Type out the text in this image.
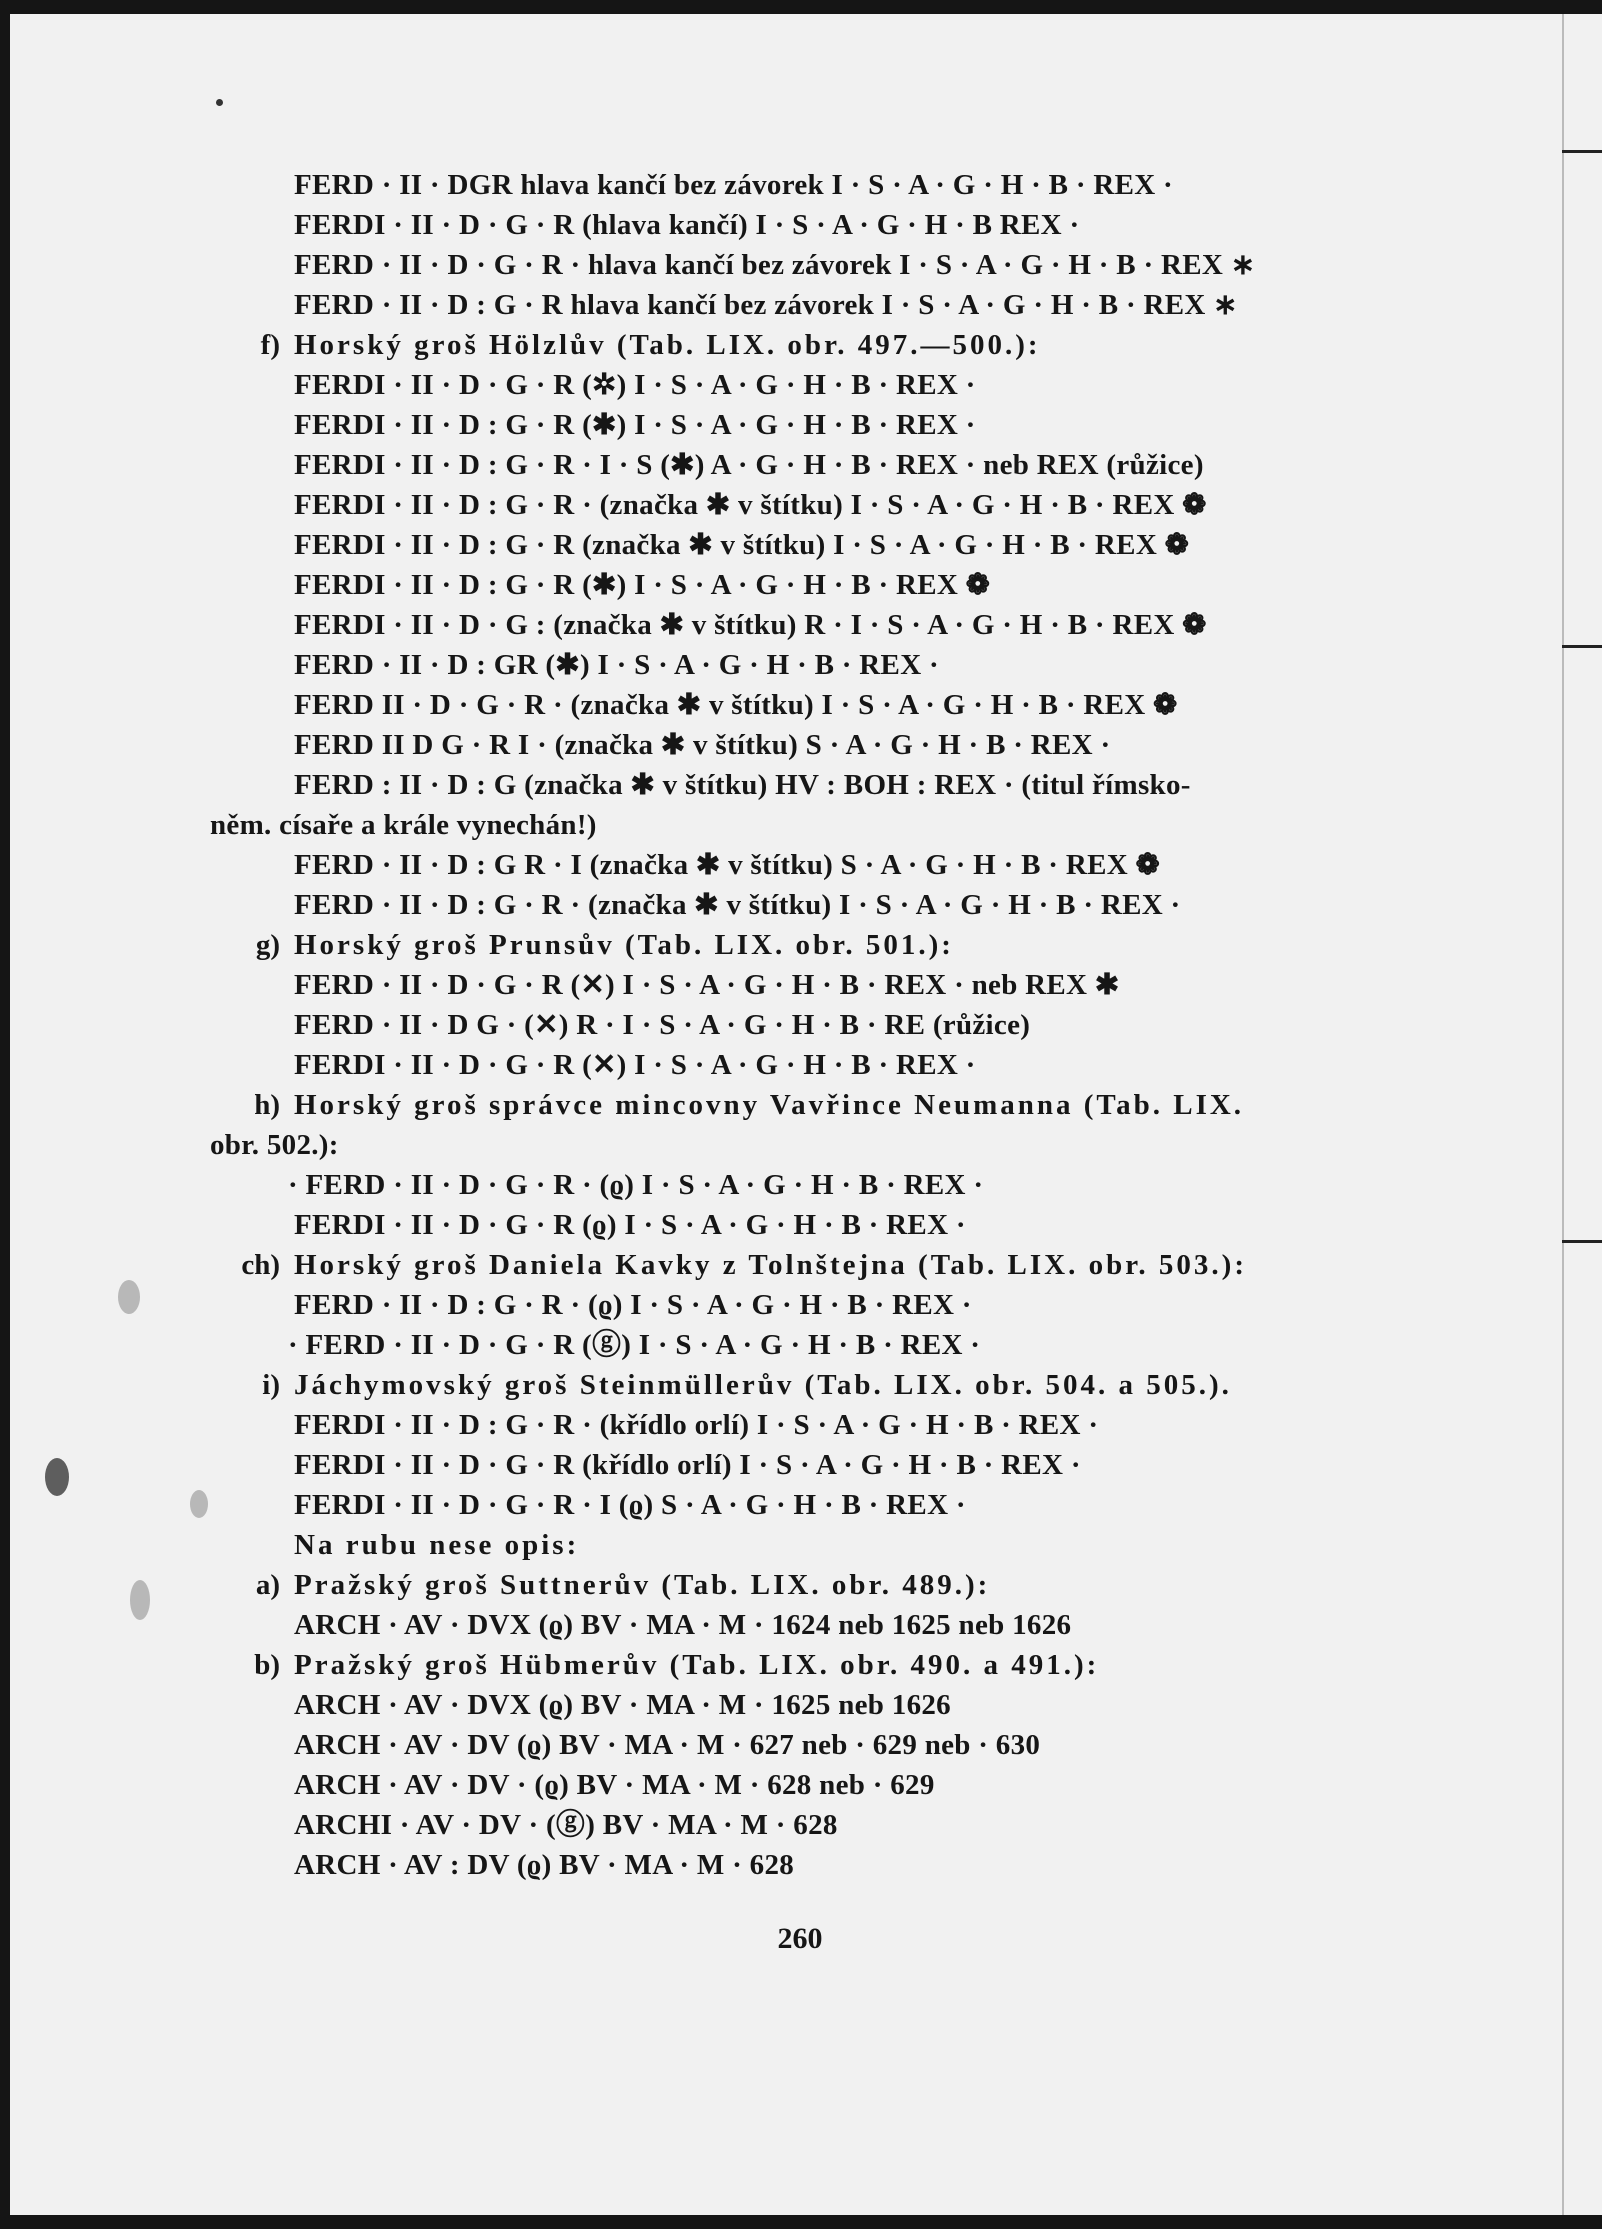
FERD · II · DGR hlava kančí bez závorek I · S · A · G · H · B · REX ·
FERDI · II · D · G · R (hlava kančí) I · S · A · G · H · B REX ·
FERD · II · D · G · R · hlava kančí bez závorek I · S · A · G · H · B · REX ∗
FERD · II · D : G · R hlava kančí bez závorek I · S · A · G · H · B · REX ∗
f) Horský groš Hölzlův (Tab. LIX. obr. 497.—500.):
FERDI · II · D · G · R (✲) I · S · A · G · H · B · REX ·
FERDI · II · D : G · R (✱) I · S · A · G · H · B · REX ·
FERDI · II · D : G · R · I · S (✱) A · G · H · B · REX · neb REX (růžice)
FERDI · II · D : G · R · (značka ✱ v štítku) I · S · A · G · H · B · REX ❁
FERDI · II · D : G · R (značka ✱ v štítku) I · S · A · G · H · B · REX ❁
FERDI · II · D : G · R (✱) I · S · A · G · H · B · REX ❁
FERDI · II · D · G : (značka ✱ v štítku) R · I · S · A · G · H · B · REX ❁
FERD · II · D : GR (✱) I · S · A · G · H · B · REX ·
FERD II · D · G · R · (značka ✱ v štítku) I · S · A · G · H · B · REX ❁
FERD II D G · R I · (značka ✱ v štítku) S · A · G · H · B · REX ·
FERD : II · D : G (značka ✱ v štítku) HV : BOH : REX · (titul římsko-
něm. císaře a krále vynechán!)
FERD · II · D : G R · I (značka ✱ v štítku) S · A · G · H · B · REX ❁
FERD · II · D : G · R · (značka ✱ v štítku) I · S · A · G · H · B · REX ·
g) Horský groš Prunsův (Tab. LIX. obr. 501.):
FERD · II · D · G · R (✕) I · S · A · G · H · B · REX · neb REX ✱
FERD · II · D G · (✕) R · I · S · A · G · H · B · RE (růžice)
FERDI · II · D · G · R (✕) I · S · A · G · H · B · REX ·
h) Horský groš správce mincovny Vavřince Neumanna (Tab. LIX.
obr. 502.):
· FERD · II · D · G · R · (ϱ) I · S · A · G · H · B · REX ·
FERDI · II · D · G · R (ϱ) I · S · A · G · H · B · REX ·
ch) Horský groš Daniela Kavky z Tolnštejna (Tab. LIX. obr. 503.):
FERD · II · D : G · R · (ϱ) I · S · A · G · H · B · REX ·
· FERD · II · D · G · R (ⓖ) I · S · A · G · H · B · REX ·
i) Jáchymovský groš Steinmüllerův (Tab. LIX. obr. 504. a 505.).
FERDI · II · D : G · R · (křídlo orlí) I · S · A · G · H · B · REX ·
FERDI · II · D · G · R (křídlo orlí) I · S · A · G · H · B · REX ·
FERDI · II · D · G · R · I (ϱ) S · A · G · H · B · REX ·
Na rubu nese opis:
a) Pražský groš Suttnerův (Tab. LIX. obr. 489.):
ARCH · AV · DVX (ϱ) BV · MA · M · 1624 neb 1625 neb 1626
b) Pražský groš Hübmerův (Tab. LIX. obr. 490. a 491.):
ARCH · AV · DVX (ϱ) BV · MA · M · 1625 neb 1626
ARCH · AV · DV (ϱ) BV · MA · M · 627 neb · 629 neb · 630
ARCH · AV · DV · (ϱ) BV · MA · M · 628 neb · 629
ARCHI · AV · DV · (ⓖ) BV · MA · M · 628
ARCH · AV : DV (ϱ) BV · MA · M · 628
260
